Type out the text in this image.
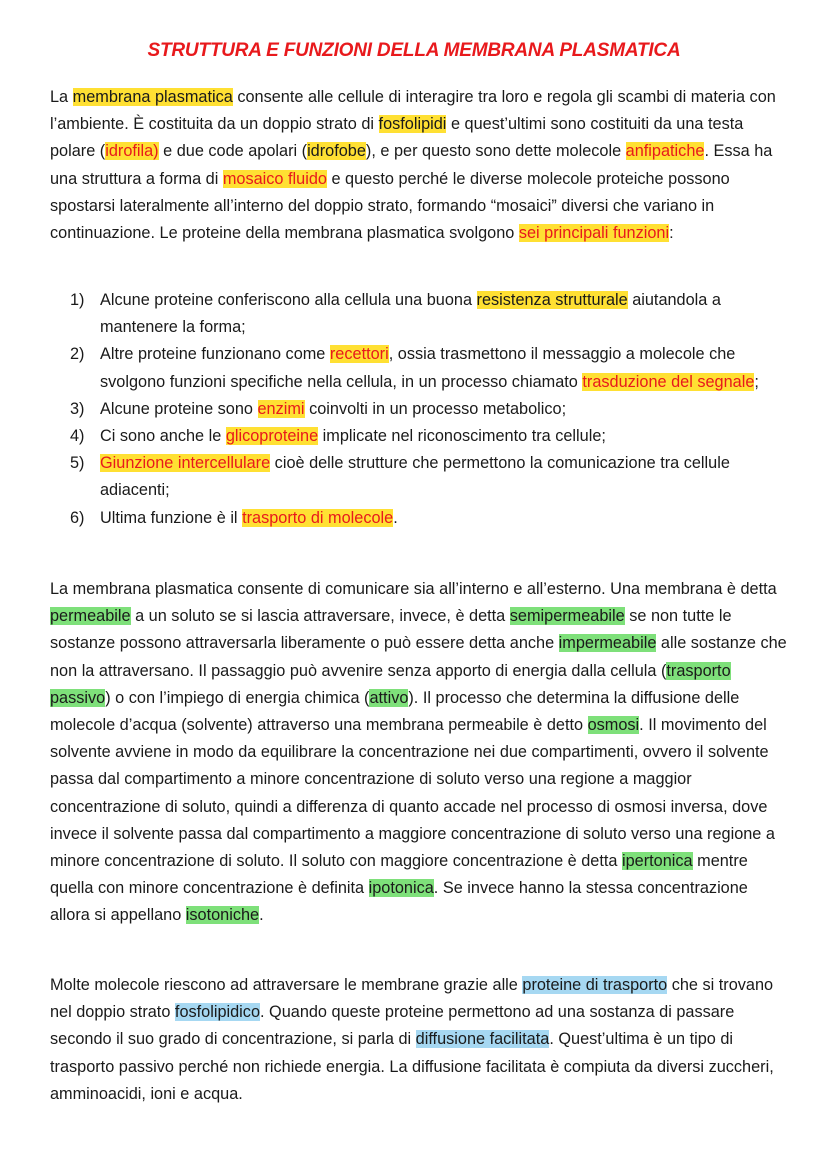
STRUTTURA E FUNZIONI DELLA MEMBRANA PLASMATICA

La membrana plasmatica consente alle cellule di interagire tra loro e regola gli scambi di materia con l’ambiente. È costituita da un doppio strato di fosfolipidi e quest’ultimi sono costituiti da una testa polare (idrofila) e due code apolari (idrofobe), e per questo sono dette molecole anfipatiche. Essa ha una struttura a forma di mosaico fluido e questo perché le diverse molecole proteiche possono spostarsi lateralmente all’interno del doppio strato, formando “mosaici” diversi che variano in continuazione. Le proteine della membrana plasmatica svolgono sei principali funzioni:

1) Alcune proteine conferiscono alla cellula una buona resistenza strutturale aiutandola a mantenere la forma;
2) Altre proteine funzionano come recettori, ossia trasmettono il messaggio a molecole che svolgono funzioni specifiche nella cellula, in un processo chiamato trasduzione del segnale;
3) Alcune proteine sono enzimi coinvolti in un processo metabolico;
4) Ci sono anche le glicoproteine implicate nel riconoscimento tra cellule;
5) Giunzione intercellulare cioè delle strutture che permettono la comunicazione tra cellule adiacenti;
6) Ultima funzione è il trasporto di molecole.

La membrana plasmatica consente di comunicare sia all’interno e all’esterno. Una membrana è detta permeabile a un soluto se si lascia attraversare, invece, è detta semipermeabile se non tutte le sostanze possono attraversarla liberamente o può essere detta anche impermeabile alle sostanze che non la attraversano. Il passaggio può avvenire senza apporto di energia dalla cellula (trasporto passivo) o con l’impiego di energia chimica (attivo). Il processo che determina la diffusione delle molecole d’acqua (solvente) attraverso una membrana permeabile è detto osmosi. Il movimento del solvente avviene in modo da equilibrare la concentrazione nei due compartimenti, ovvero il solvente passa dal compartimento a minore concentrazione di soluto verso una regione a maggior concentrazione di soluto, quindi a differenza di quanto accade nel processo di osmosi inversa, dove invece il solvente passa dal compartimento a maggiore concentrazione di soluto verso una regione a minore concentrazione di soluto. Il soluto con maggiore concentrazione è detta ipertonica mentre quella con minore concentrazione è definita ipotonica. Se invece hanno la stessa concentrazione allora si appellano isotoniche.

Molte molecole riescono ad attraversare le membrane grazie alle proteine di trasporto che si trovano nel doppio strato fosfolipidico. Quando queste proteine permettono ad una sostanza di passare secondo il suo grado di concentrazione, si parla di diffusione facilitata. Quest’ultima è un tipo di trasporto passivo perché non richiede energia. La diffusione facilitata è compiuta da diversi zuccheri, amminoacidi, ioni e acqua.
